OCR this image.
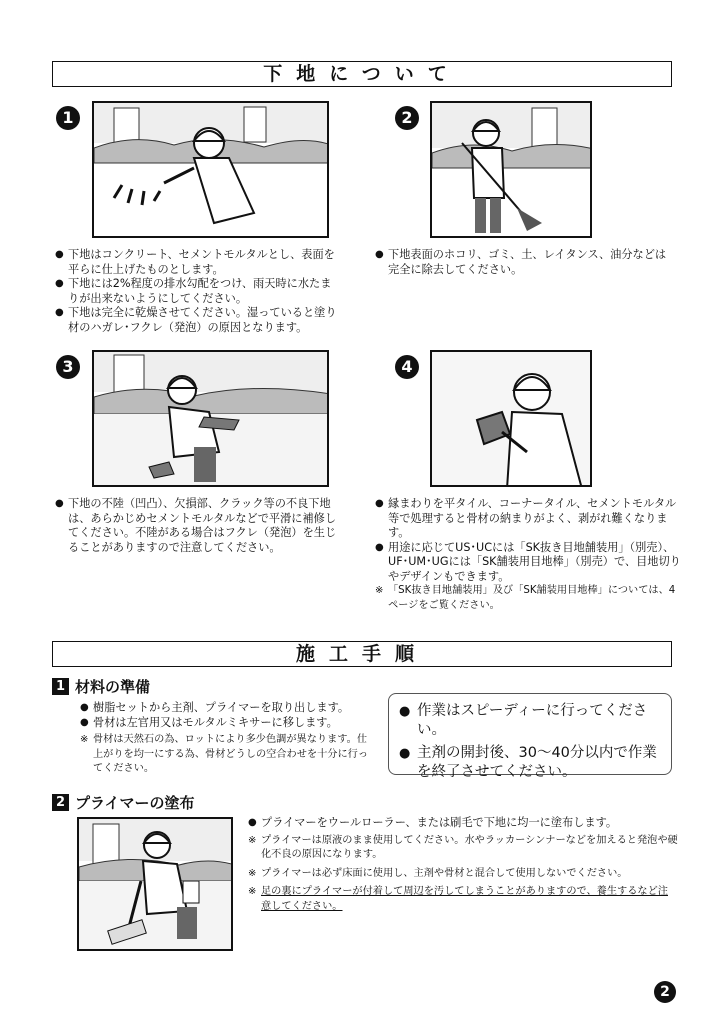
下地について
1
● 下地はコンクリート、セメントモルタルとし、表面を平らに仕上げたものとします。
● 下地には2%程度の排水勾配をつけ、雨天時に水たまりが出来ないようにしてください。
● 下地は完全に乾燥させてください。湿っていると塗り材のハガレ･フクレ（発泡）の原因となります。
2
● 下地表面のホコリ、ゴミ、土、レイタンス、油分などは完全に除去してください。
3
● 下地の不陸（凹凸）、欠損部、クラック等の不良下地は、あらかじめセメントモルタルなどで平滑に補修してください。不陸がある場合はフクレ（発泡）を生じることがありますので注意してください。
4
● 縁まわりを平タイル、コーナータイル、セメントモルタル等で処理すると骨材の納まりがよく、剥がれ難くなります。
● 用途に応じてUS･UCには「SK抜き目地舗装用」（別売）、UF･UM･UGには「SK舗装用目地棒」（別売）で、目地切りやデザインもできます。
※ 「SK抜き目地舗装用」及び「SK舗装用目地棒」については、4ページをご覧ください。
施工手順
1 材料の準備
● 樹脂セットから主剤、プライマーを取り出します。
● 骨材は左官用又はモルタルミキサーに移します。
※ 骨材は天然石の為、ロットにより多少色調が異なります。仕上がりを均一にする為、骨材どうしの空合わせを十分に行ってください。
● 作業はスピーディーに行ってください。
● 主剤の開封後、30～40分以内で作業を終了させてください。
2 プライマーの塗布
● プライマーをウールローラー、または刷毛で下地に均一に塗布します。
※ プライマーは原液のまま使用してください。水やラッカーシンナーなどを加えると発泡や硬化不良の原因になります。
※ プライマーは必ず床面に使用し、主剤や骨材と混合して使用しないでください。
※ 足の裏にプライマーが付着して周辺を汚してしまうことがありますので、養生するなど注意してください。
2
